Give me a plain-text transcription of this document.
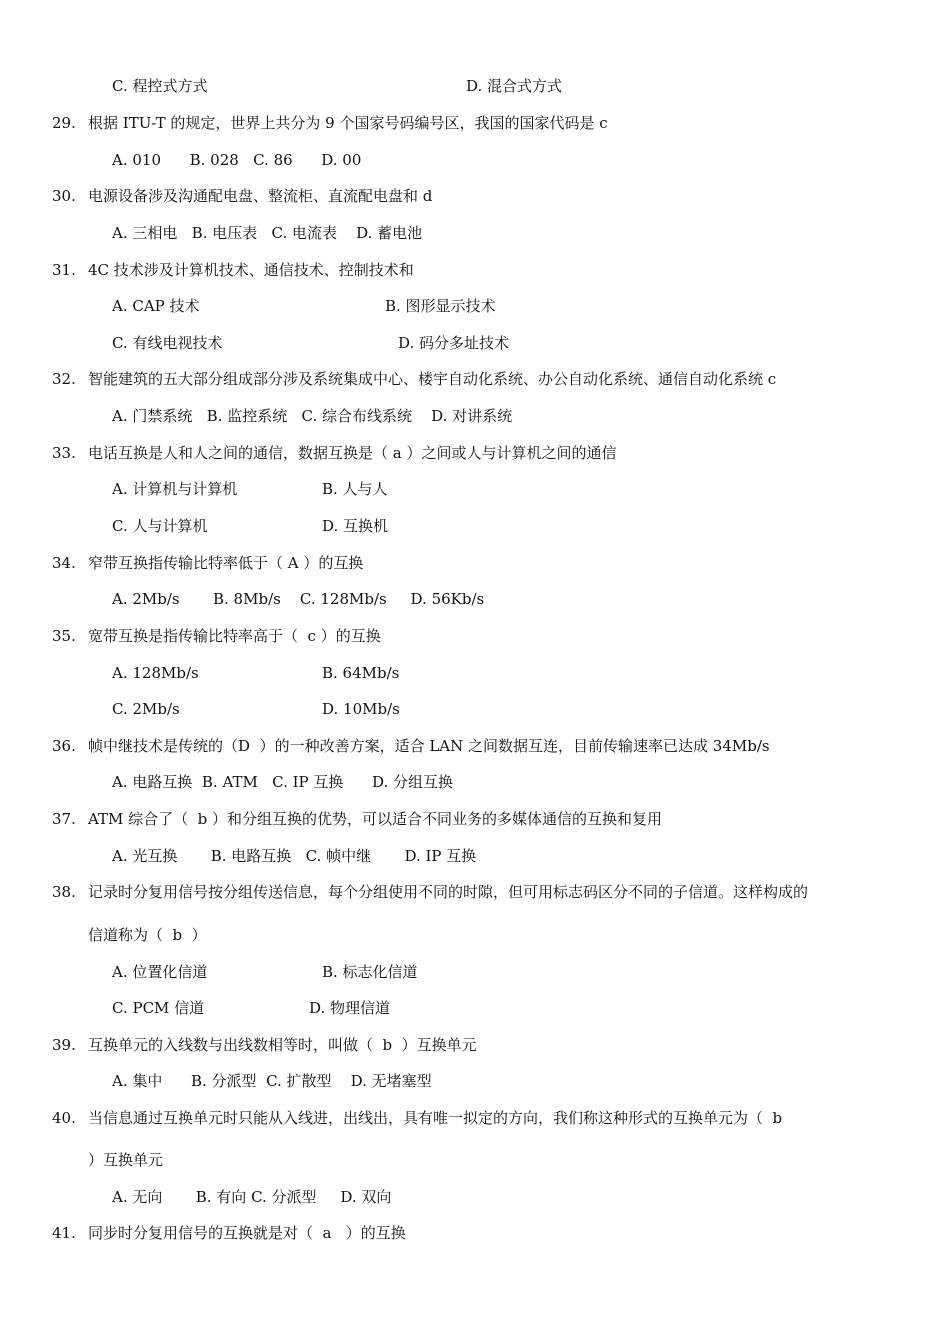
C. 程控式方式	D. 混合式方式
29. 根据 ITU-T 的规定，世界上共分为 9 个国家号码编号区，我国的国家代码是 c
A. 010      B. 028   C. 86      D. 00
30. 电源设备涉及沟通配电盘、整流柜、直流配电盘和 d
A. 三相电   B. 电压表   C. 电流表    D. 蓄电池
31. 4C 技术涉及计算机技术、通信技术、控制技术和
A. CAP 技术	B. 图形显示技术
C. 有线电视技术	D. 码分多址技术
32. 智能建筑的五大部分组成部分涉及系统集成中心、楼宇自动化系统、办公自动化系统、通信自动化系统 c
A. 门禁系统   B. 监控系统   C. 综合布线系统    D. 对讲系统
33. 电话互换是人和人之间的通信，数据互换是（ a ）之间或人与计算机之间的通信
A. 计算机与计算机	B. 人与人
C. 人与计算机	D. 互换机
34. 窄带互换指传输比特率低于（ A ）的互换
A. 2Mb/s       B. 8Mb/s    C. 128Mb/s     D. 56Kb/s
35. 宽带互换是指传输比特率高于（  c ）的互换
A. 128Mb/s	B. 64Mb/s
C. 2Mb/s	D. 10Mb/s
36. 帧中继技术是传统的（D  ）的一种改善方案，适合 LAN 之间数据互连，目前传输速率已达成 34Mb/s
A. 电路互换  B. ATM   C. IP 互换      D. 分组互换
37. ATM 综合了（  b ）和分组互换的优势，可以适合不同业务的多媒体通信的互换和复用
A. 光互换       B. 电路互换   C. 帧中继       D. IP 互换
38. 记录时分复用信号按分组传送信息，每个分组使用不同的时隙，但可用标志码区分不同的子信道。这样构成的
信道称为（  b  ）
A. 位置化信道	B. 标志化信道
C. PCM 信道	D. 物理信道
39. 互换单元的入线数与出线数相等时，叫做（  b  ）互换单元
A. 集中      B. 分派型  C. 扩散型    D. 无堵塞型
40. 当信息通过互换单元时只能从入线进，出线出，具有唯一拟定的方向，我们称这种形式的互换单元为（  b
）互换单元
A. 无向       B. 有向 C. 分派型     D. 双向
41. 同步时分复用信号的互换就是对（  a   ）的互换
